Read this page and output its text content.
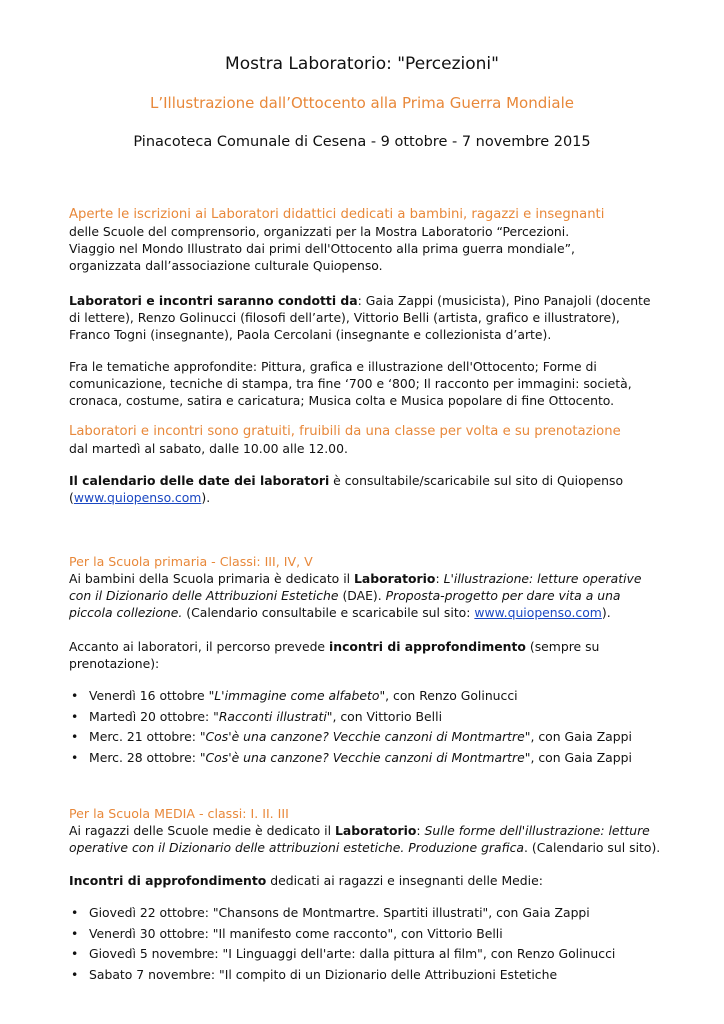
Mostra Laboratorio: "Percezioni"
L’Illustrazione dall’Ottocento alla Prima Guerra Mondiale
Pinacoteca Comunale di Cesena - 9 ottobre - 7 novembre 2015
Aperte le iscrizioni ai Laboratori didattici dedicati a bambini, ragazzi e insegnanti
delle Scuole del comprensorio, organizzati per la Mostra Laboratorio “Percezioni.
Viaggio nel Mondo Illustrato dai primi dell'Ottocento alla prima guerra mondiale”,
organizzata dall’associazione culturale Quiopenso.
Laboratori e incontri saranno condotti da: Gaia Zappi (musicista), Pino Panajoli (docente
di lettere), Renzo Golinucci (filosofi dell’arte), Vittorio Belli (artista, grafico e illustratore),
Franco Togni (insegnante), Paola Cercolani (insegnante e collezionista d’arte).
Fra le tematiche approfondite: Pittura, grafica e illustrazione dell'Ottocento; Forme di
comunicazione, tecniche di stampa, tra fine ‘700 e ‘800; Il racconto per immagini: società,
cronaca, costume, satira e caricatura; Musica colta e Musica popolare di fine Ottocento.
Laboratori e incontri sono gratuiti, fruibili da una classe per volta e su prenotazione
dal martedì al sabato, dalle 10.00 alle 12.00.
Il calendario delle date dei laboratori è consultabile/scaricabile sul sito di Quiopenso
(www.quiopenso.com).
Per la Scuola primaria - Classi: III, IV, V
Ai bambini della Scuola primaria è dedicato il Laboratorio: L'illustrazione: letture operative
con il Dizionario delle Attribuzioni Estetiche (DAE). Proposta-progetto per dare vita a una
piccola collezione. (Calendario consultabile e scaricabile sul sito: www.quiopenso.com).
Accanto ai laboratori, il percorso prevede incontri di approfondimento (sempre su
prenotazione):
• Venerdì 16 ottobre "L'immagine come alfabeto", con Renzo Golinucci
• Martedì 20 ottobre: "Racconti illustrati", con Vittorio Belli
• Merc. 21 ottobre: "Cos'è una canzone? Vecchie canzoni di Montmartre", con Gaia Zappi
• Merc. 28 ottobre: "Cos'è una canzone? Vecchie canzoni di Montmartre", con Gaia Zappi
Per la Scuola MEDIA - classi: I. II. III
Ai ragazzi delle Scuole medie è dedicato il Laboratorio: Sulle forme dell'illustrazione: letture
operative con il Dizionario delle attribuzioni estetiche. Produzione grafica. (Calendario sul sito).
Incontri di approfondimento dedicati ai ragazzi e insegnanti delle Medie:
• Giovedì 22 ottobre: "Chansons de Montmartre. Spartiti illustrati", con Gaia Zappi
• Venerdì 30 ottobre: "Il manifesto come racconto", con Vittorio Belli
• Giovedì 5 novembre: "I Linguaggi dell'arte: dalla pittura al film", con Renzo Golinucci
• Sabato 7 novembre: "Il compito di un Dizionario delle Attribuzioni Estetiche
